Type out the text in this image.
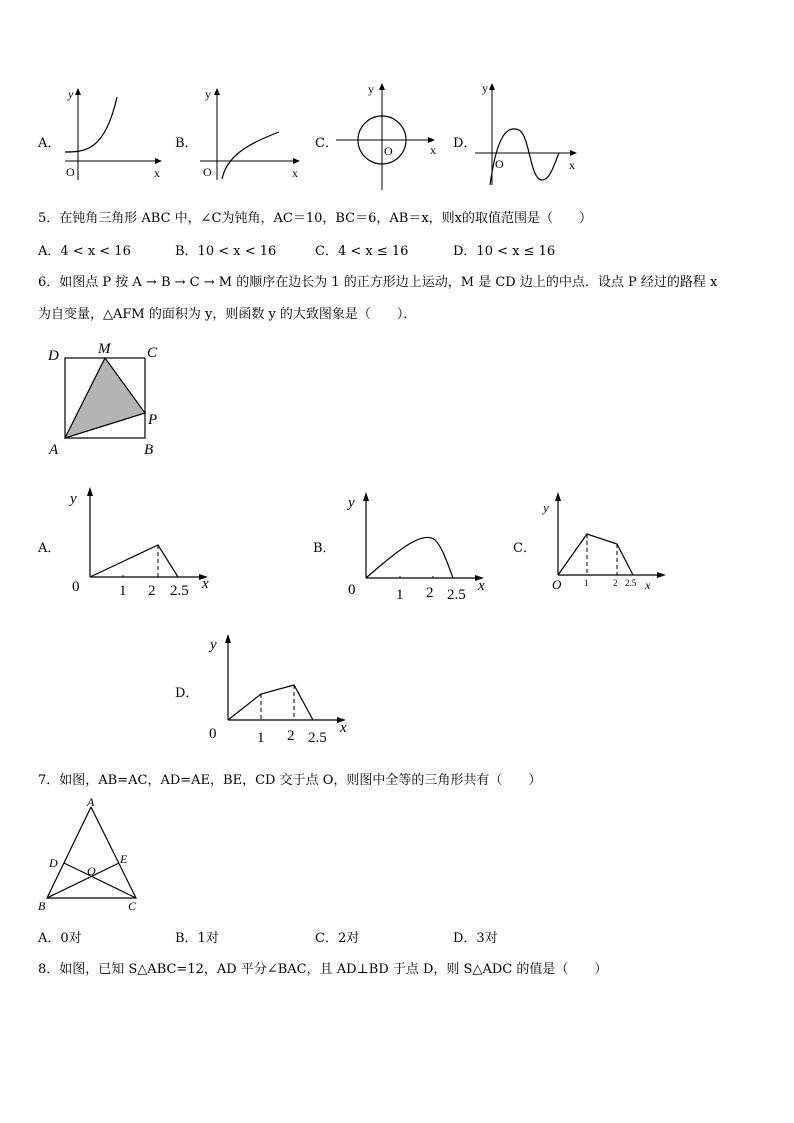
A．
y
x
O
B．
y
x
O
C．
y
x
O	D．
y
x
O
5．在钝角三角形 ABC 中，∠C为钝角，AC＝10，BC＝6，AB＝x，则x的取值范围是（　　）
A．4 < x < 16	B．10 < x < 16	C．4 < x ≤ 16	D．10 < x ≤ 16
6．如图点 P 按 A → B → C → M 的顺序在边长为 1 的正方形边上运动，M 是 CD 边上的中点．设点 P 经过的路程 x
为自变量，△AFM 的面积为 y，则函数 y 的大致图象是（　　）．
D	M C
P
A	B
A．
y
x
0	1 2 2.5
B．
y
x
0	1 2 2.5
C．
y
x
O	1	2 2.5
D．
y
x
0	1 2 2.5
7．如图，AB=AC，AD=AE，BE，CD 交于点 O，则图中全等的三角形共有（　　）
A
D	E
O
B	C
A．0对	B．1对	C．2对	D．3对
8．如图，已知 S△ABC=12，AD 平分∠BAC，且 AD⊥BD 于点 D，则 S△ADC 的值是（　　）
